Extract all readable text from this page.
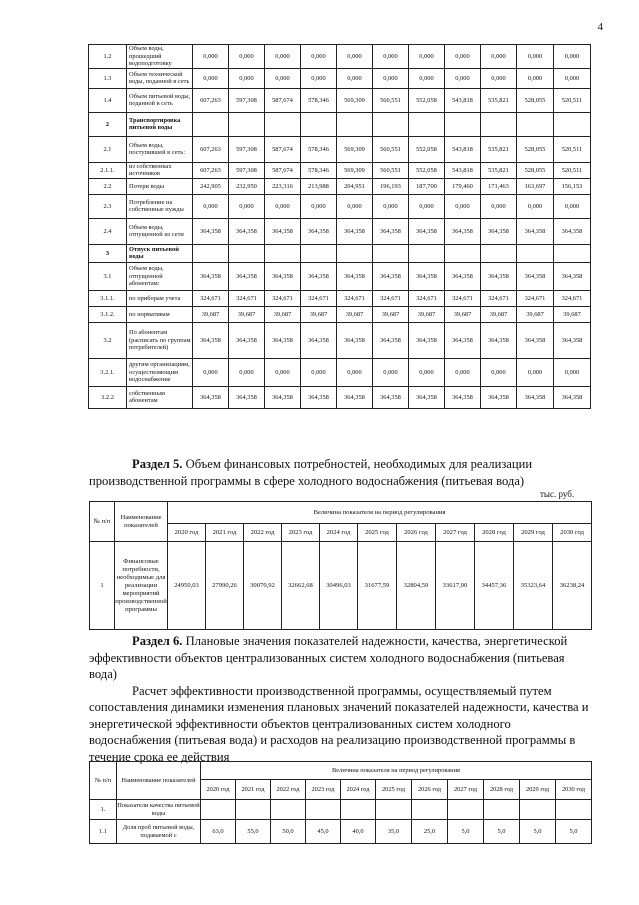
4
1.2	Объем воды, прошедший водоподготовку	0,000	0,000	0,000	0,000	0,000	0,000	0,000	0,000	0,000	0,000	0,000
1.3	Объем технической воды, поданной в сеть	0,000	0,000	0,000	0,000	0,000	0,000	0,000	0,000	0,000	0,000	0,000
1.4	Объем питьевой воды, поданной в сеть	607,263	597,308	587,674	578,346	569,309	560,551	552,058	543,818	535,821	528,055	520,511
2	Транспортировка питьевой воды											
2.1	Объем воды, поступившей в сеть:	607,263	597,308	587,674	578,346	569,309	560,551	552,058	543,818	535,821	528,055	520,511
2.1.1.	из собственных источников	607,263	597,308	587,674	578,346	569,309	560,551	552,058	543,818	535,821	528,055	520,511
2.2	Потери воды	242,905	232,950	223,316	213,988	204,951	196,193	187,700	179,460	171,463	163,697	156,153
2.3	Потребление на собственные нужды	0,000	0,000	0,000	0,000	0,000	0,000	0,000	0,000	0,000	0,000	0,000
2.4	Объем воды, отпущенной из сети	364,358	364,358	364,358	364,358	364,358	364,358	364,358	364,358	364,358	364,358	364,358
3	Отпуск питьевой воды											
3.1	Объем воды, отпущенной абонентам:	364,358	364,358	364,358	364,358	364,358	364,358	364,358	364,358	364,358	364,358	364,358
3.1.1.	по приборам учета	324,671	324,671	324,671	324,671	324,671	324,671	324,671	324,671	324,671	324,671	324,671
3.1.2.	по нормативам	39,687	39,687	39,687	39,687	39,687	39,687	39,687	39,687	39,687	39,687	39,687
3.2	По абонентам (расписать по группам потребителей)	364,358	364,358	364,358	364,358	364,358	364,358	364,358	364,358	364,358	364,358	364,358
3.2.1.	другим организациям, осуществляющим водоснабжение	0,000	0,000	0,000	0,000	0,000	0,000	0,000	0,000	0,000	0,000	0,000
3.2.2	собственным абонентам	364,358	364,358	364,358	364,358	364,358	364,358	364,358	364,358	364,358	364,358	364,358
Раздел 5. Объем финансовых потребностей, необходимых для реализации производственной программы в сфере холодного водоснабжения (питьевая вода)
тыс. руб.
№ п/п	Наименование показателей	Величина показателя на период регулирования										
		2020 год	2021 год	2022 год	2023 год	2024 год	2025 год	2026 год	2027 год	2028 год	2029 год	2030 год
1	Финансовые потребности, необходимые для реализации мероприятий производственной программы	24950,03	27990,26	30070,92	32662,68	30496,03	31677,59	32804,59	33617,00	34457,36	35323,64	36238,24
Раздел 6. Плановые значения показателей надежности, качества, энергетической эффективности объектов централизованных систем холодного водоснабжения (питьевая вода)
Расчет эффективности производственной программы, осуществляемый путем сопоставления динамики изменения плановых значений показателей надежности, качества и энергетической эффективности объектов централизованных систем холодного водоснабжения (питьевая вода) и расходов на реализацию производственной программы в течение срока ее действия
№ п/п	Наименование показателей	Величина показателя на период регулирования										
		2020 год	2021 год	2022 год	2023 год	2024 год	2025 год	2026 год	2027 год	2028 год	2029 год	2030 год
1.	Показатели качества питьевой воды											
1.1	Доля проб питьевой воды, подаваемой с	63,0	55,0	50,0	45,0	40,0	35,0	25,0	5,0	5,0	5,0	5,0
